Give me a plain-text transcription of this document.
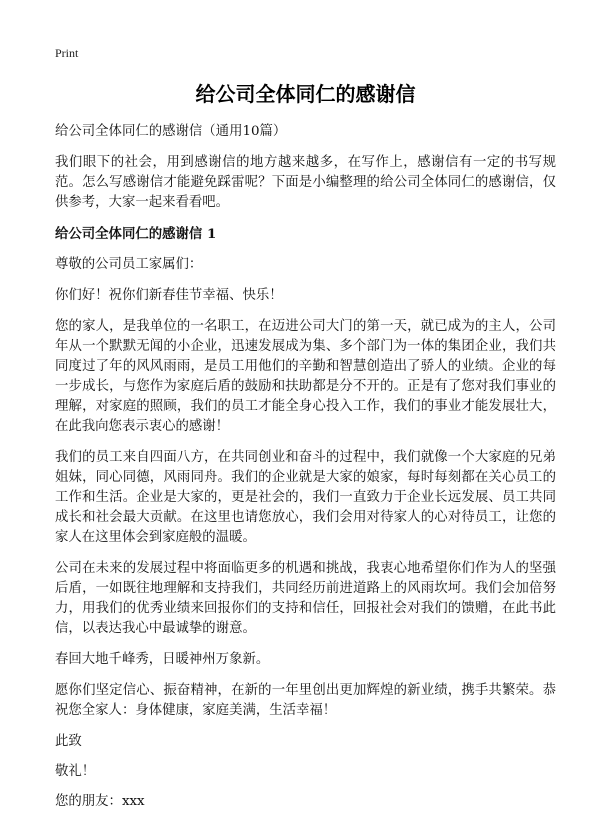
Print
给公司全体同仁的感谢信
给公司全体同仁的感谢信（通用10篇）
我们眼下的社会，用到感谢信的地方越来越多，在写作上，感谢信有一定的书写规范。怎么写感谢信才能避免踩雷呢？下面是小编整理的给公司全体同仁的感谢信，仅供参考，大家一起来看看吧。
给公司全体同仁的感谢信 1
尊敬的公司员工家属们：
你们好！祝你们新春佳节幸福、快乐！
您的家人，是我单位的一名职工，在迈进公司大门的第一天，就已成为的主人，公司年从一个默默无闻的小企业，迅速发展成为集、多个部门为一体的集团企业，我们共同度过了年的风风雨雨，是员工用他们的辛勤和智慧创造出了骄人的业绩。企业的每一步成长，与您作为家庭后盾的鼓励和扶助都是分不开的。正是有了您对我们事业的理解，对家庭的照顾，我们的员工才能全身心投入工作，我们的事业才能发展壮大，在此我向您表示衷心的感谢！
我们的员工来自四面八方，在共同创业和奋斗的过程中，我们就像一个大家庭的兄弟姐妹，同心同德，风雨同舟。我们的企业就是大家的娘家，每时每刻都在关心员工的工作和生活。企业是大家的，更是社会的，我们一直致力于企业长远发展、员工共同成长和社会最大贡献。在这里也请您放心，我们会用对待家人的心对待员工，让您的家人在这里体会到家庭般的温暖。
公司在未来的发展过程中将面临更多的机遇和挑战，我衷心地希望你们作为人的坚强后盾，一如既往地理解和支持我们，共同经历前进道路上的风雨坎坷。我们会加倍努力，用我们的优秀业绩来回报你们的支持和信任，回报社会对我们的馈赠，在此书此信，以表达我心中最诚挚的谢意。
春回大地千峰秀，日暖神州万象新。
愿你们坚定信心、振奋精神，在新的一年里创出更加辉煌的新业绩，携手共繁荣。恭祝您全家人：身体健康，家庭美满，生活幸福！
此致
敬礼！
您的朋友：xxx
